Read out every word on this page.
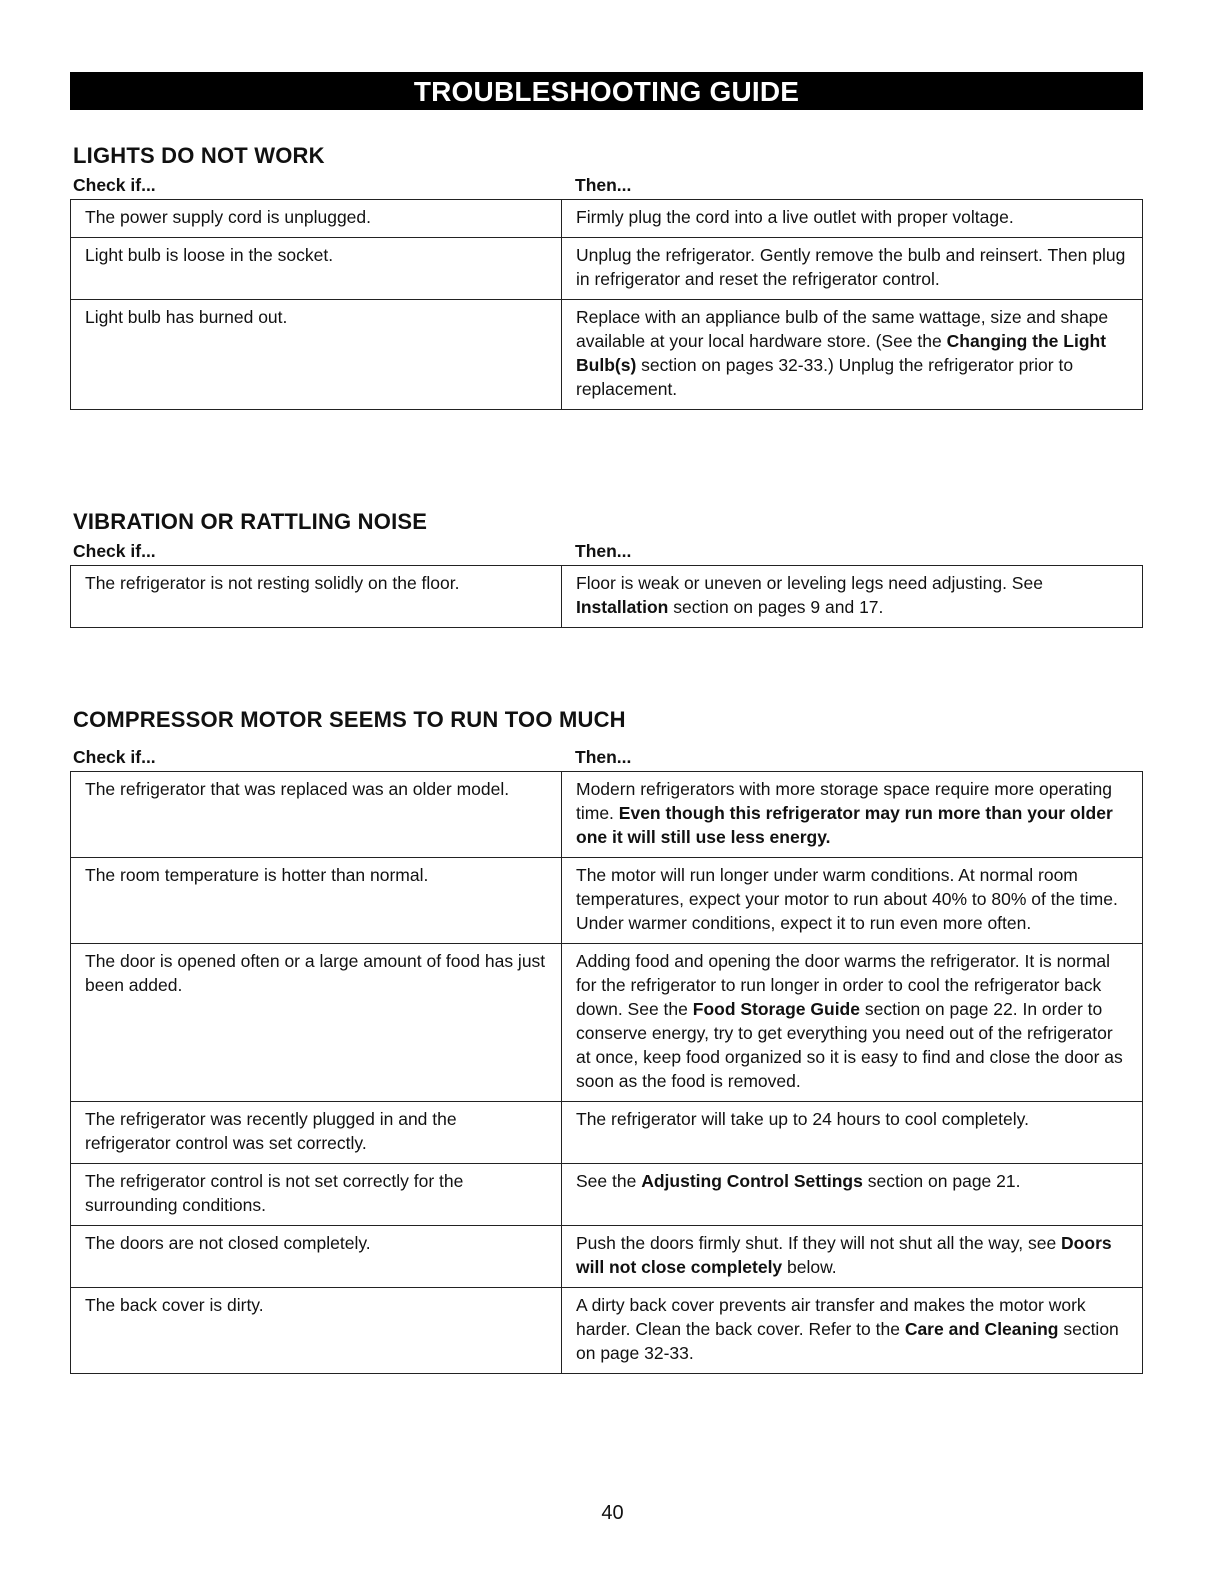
TROUBLESHOOTING GUIDE
LIGHTS DO NOT WORK
Check if...	Then...
The power supply cord is unplugged.	Firmly plug the cord into a live outlet with proper voltage.
Light bulb is loose in the socket.	Unplug the refrigerator. Gently remove the bulb and reinsert. Then plug in refrigerator and reset the refrigerator control.
Light bulb has burned out.	Replace with an appliance bulb of the same wattage, size and shape available at your local hardware store. (See the Changing the Light Bulb(s) section on pages 32-33.) Unplug the refrigerator prior to replacement.
VIBRATION OR RATTLING NOISE
Check if...	Then...
The refrigerator is not resting solidly on the floor.	Floor is weak or uneven or leveling legs need adjusting. See Installation section on pages 9 and 17.
COMPRESSOR MOTOR SEEMS TO RUN TOO MUCH
Check if...	Then...
The refrigerator that was replaced was an older model.	Modern refrigerators with more storage space require more operating time. Even though this refrigerator may run more than your older one it will still use less energy.
The room temperature is hotter than normal.	The motor will run longer under warm conditions. At normal room temperatures, expect your motor to run about 40% to 80% of the time. Under warmer conditions, expect it to run even more often.
The door is opened often or a large amount of food has just been added.	Adding food and opening the door warms the refrigerator. It is normal for the refrigerator to run longer in order to cool the refrigerator back down. See the Food Storage Guide section on page 22. In order to conserve energy, try to get everything you need out of the refrigerator at once, keep food organized so it is easy to find and close the door as soon as the food is removed.
The refrigerator was recently plugged in and the refrigerator control was set correctly.	The refrigerator will take up to 24 hours to cool completely.
The refrigerator control is not set correctly for the surrounding conditions.	See the Adjusting Control Settings section on page 21.
The doors are not closed completely.	Push the doors firmly shut. If they will not shut all the way, see Doors will not close completely below.
The back cover is dirty.	A dirty back cover prevents air transfer and makes the motor work harder. Clean the back cover. Refer to the Care and Cleaning section on page 32-33.
40
